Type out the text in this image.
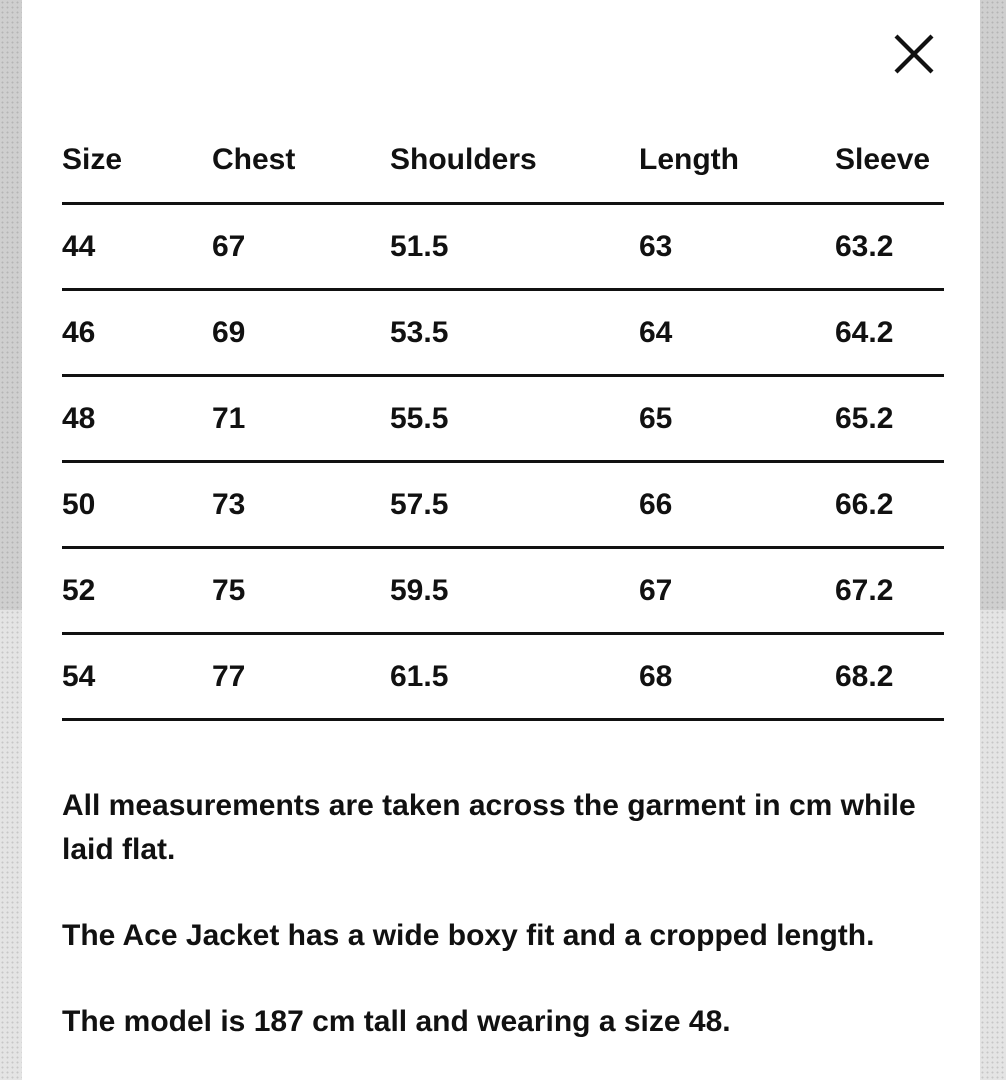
Size	Chest	Shoulders	Length	Sleeve
44	67	51.5	63	63.2
46	69	53.5	64	64.2
48	71	55.5	65	65.2
50	73	57.5	66	66.2
52	75	59.5	67	67.2
54	77	61.5	68	68.2

All measurements are taken across the garment in cm while laid flat.

The Ace Jacket has a wide boxy fit and a cropped length.

The model is 187 cm tall and wearing a size 48.
